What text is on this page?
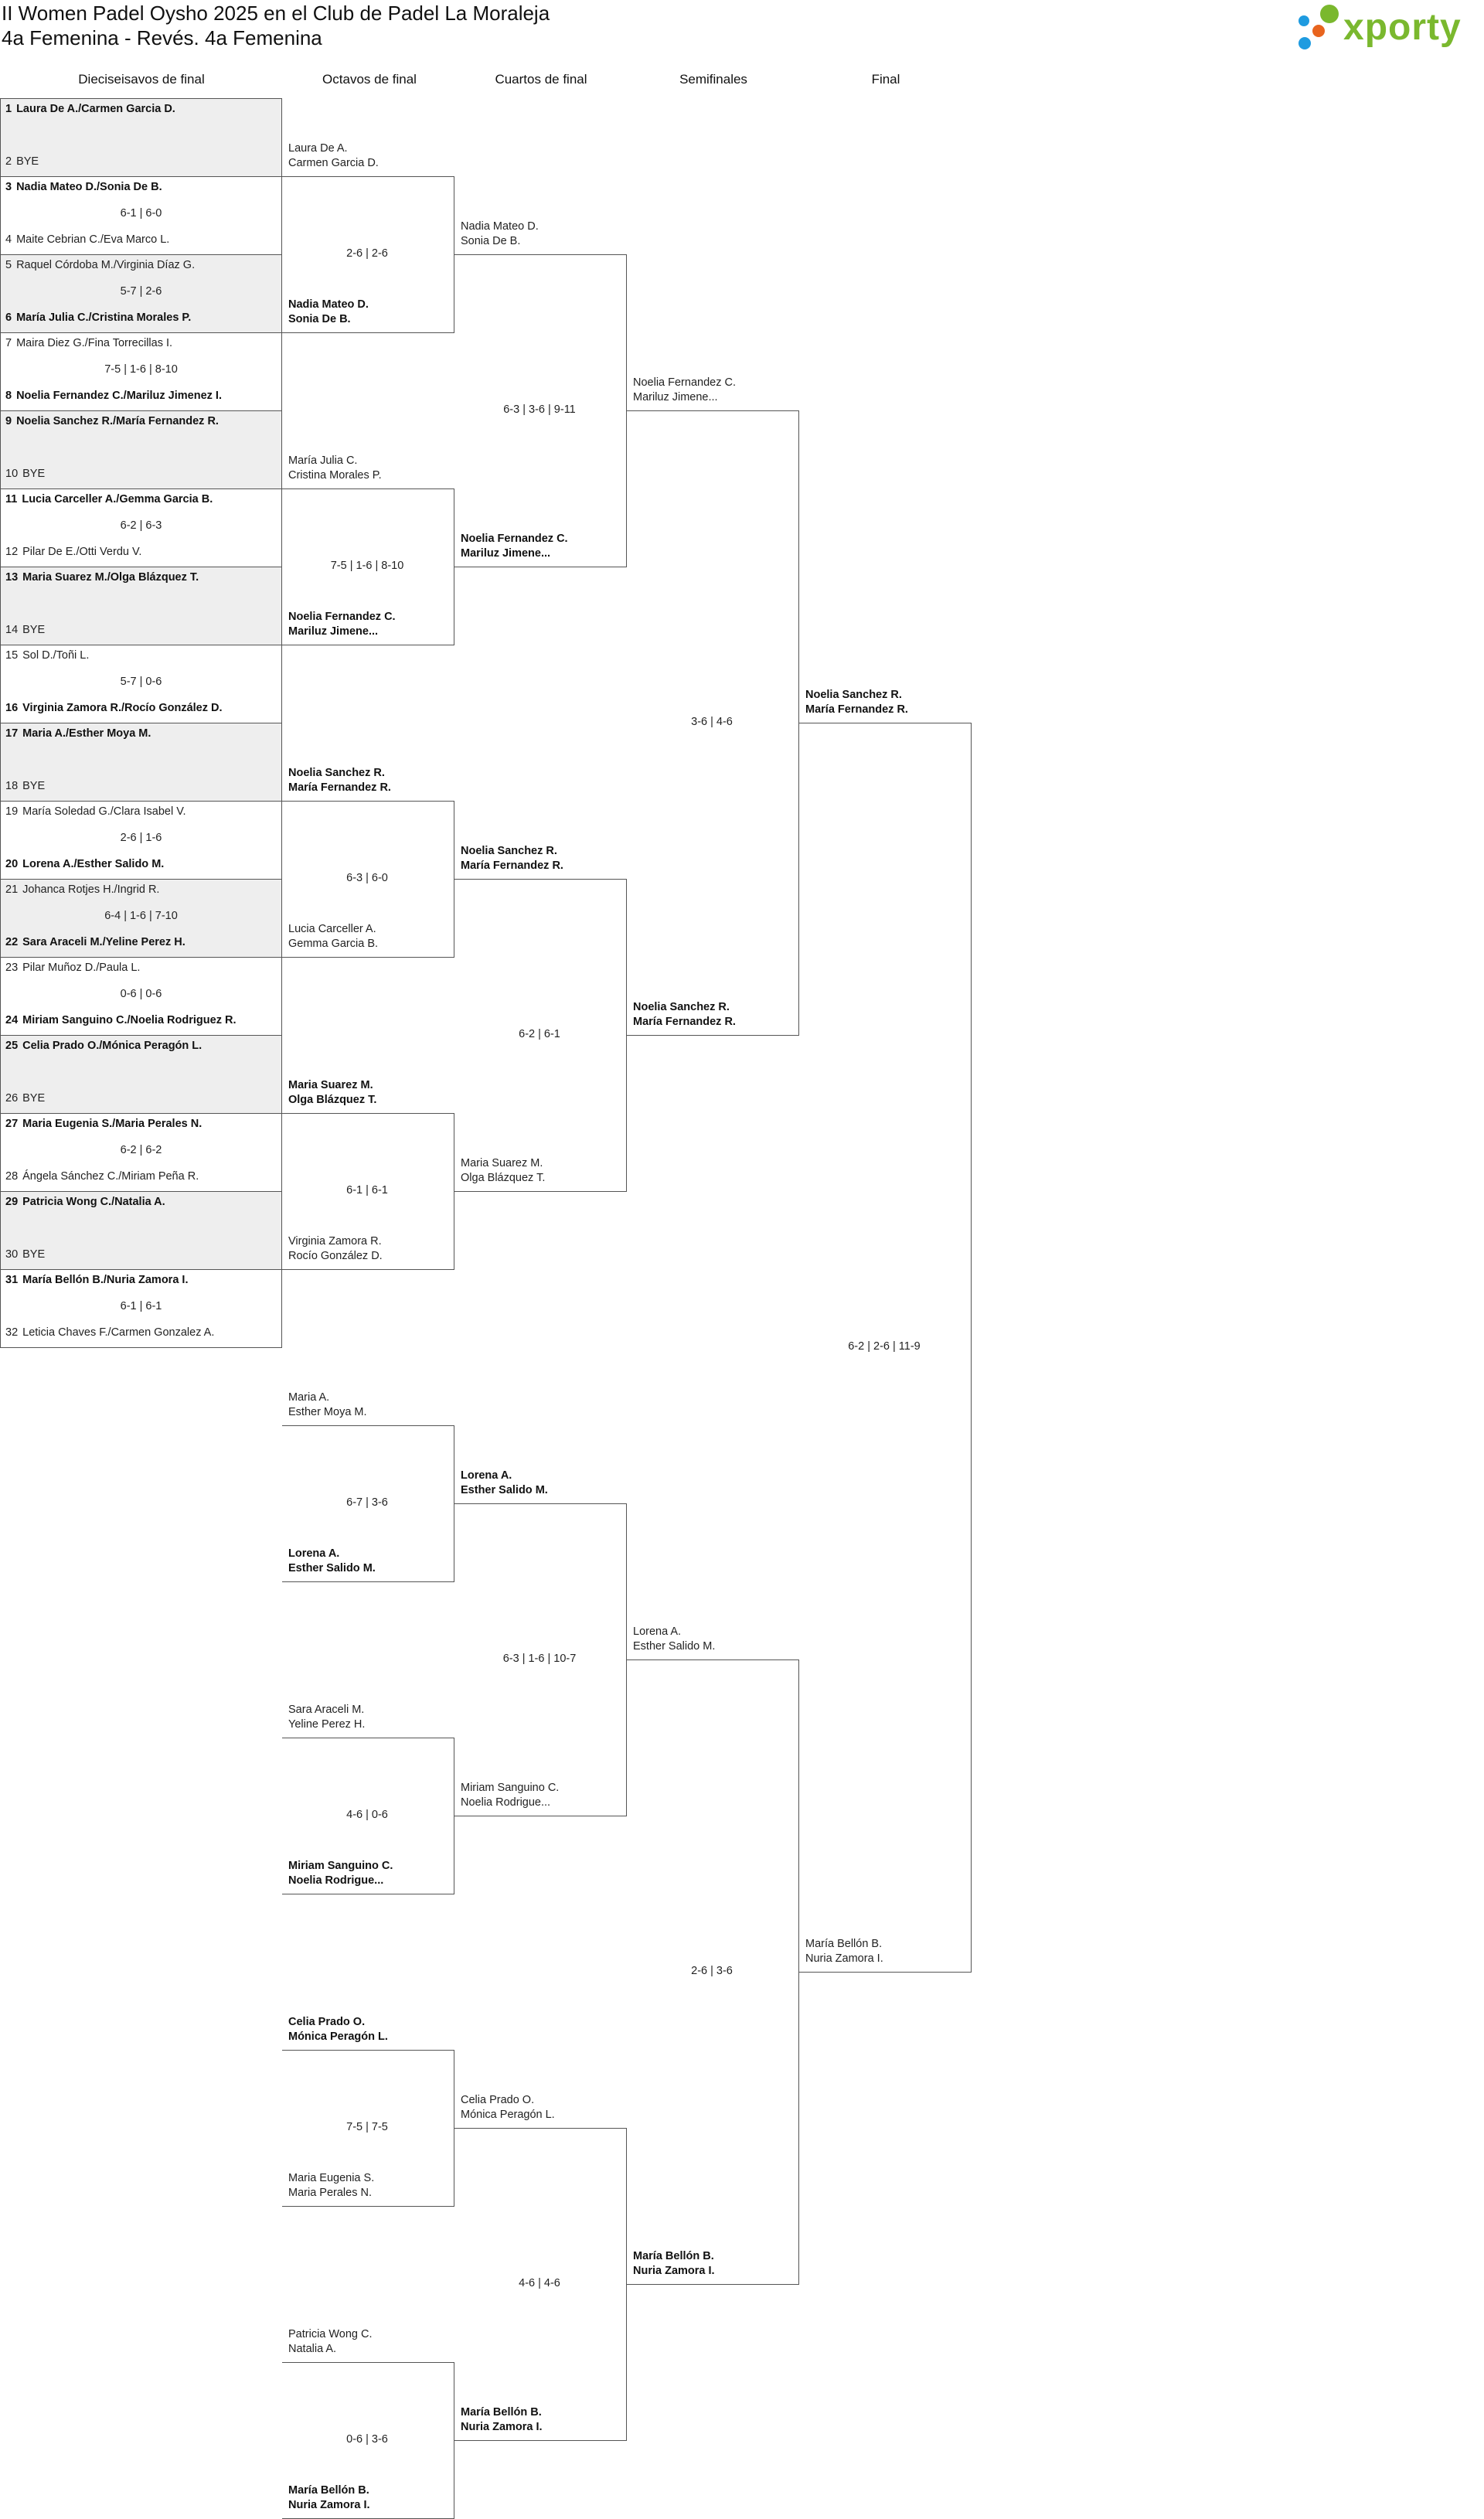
II Women Padel Oysho 2025 en el Club de Padel La Moraleja
4a Femenina - Revés. 4a Femenina	xporty
Dieciseisavos de final	Octavos de final	Cuartos de final	Semifinales	Final
1 Laura De A./Carmen Garcia D.
2 BYE
3 Nadia Mateo D./Sonia De B.
4 Maite Cebrian C./Eva Marco L.
6-1 | 6-0
5 Raquel Córdoba M./Virginia Díaz G.
6 María Julia C./Cristina Morales P.
5-7 | 2-6
7 Maira Diez G./Fina Torrecillas I.
8 Noelia Fernandez C./Mariluz Jimenez I.
7-5 | 1-6 | 8-10
9 Noelia Sanchez R./María Fernandez R.
10 BYE
11 Lucia Carceller A./Gemma Garcia B.
12 Pilar De E./Otti Verdu V.
6-2 | 6-3
13 Maria Suarez M./Olga Blázquez T.
14 BYE
15 Sol D./Toñi L.
16 Virginia Zamora R./Rocío González D.
5-7 | 0-6
17 Maria A./Esther Moya M.
18 BYE
19 María Soledad G./Clara Isabel V.
20 Lorena A./Esther Salido M.
2-6 | 1-6
21 Johanca Rotjes H./Ingrid R.
22 Sara Araceli M./Yeline Perez H.
6-4 | 1-6 | 7-10
23 Pilar Muñoz D./Paula L.
24 Miriam Sanguino C./Noelia Rodriguez R.
0-6 | 0-6
25 Celia Prado O./Mónica Peragón L.
26 BYE
27 Maria Eugenia S./Maria Perales N.
28 Ángela Sánchez C./Miriam Peña R.
6-2 | 6-2
29 Patricia Wong C./Natalia A.
30 BYE
31 María Bellón B./Nuria Zamora I.
32 Leticia Chaves F./Carmen Gonzalez A.
6-1 | 6-1
Laura De A.
Carmen Garcia D.
Nadia Mateo D.
Sonia De B.
2-6 | 2-6
María Julia C.
Cristina Morales P.
Noelia Fernandez C.
Mariluz Jimene...
7-5 | 1-6 | 8-10
Noelia Sanchez R.
María Fernandez R.
Lucia Carceller A.
Gemma Garcia B.
6-3 | 6-0
Maria Suarez M.
Olga Blázquez T.
Virginia Zamora R.
Rocío González D.
6-1 | 6-1
Maria A.
Esther Moya M.
Lorena A.
Esther Salido M.
6-7 | 3-6
Sara Araceli M.
Yeline Perez H.
Miriam Sanguino C.
Noelia Rodrigue...
4-6 | 0-6
Celia Prado O.
Mónica Peragón L.
Maria Eugenia S.
Maria Perales N.
7-5 | 7-5
Patricia Wong C.
Natalia A.
María Bellón B.
Nuria Zamora I.
0-6 | 3-6
Nadia Mateo D.
Sonia De B.
Noelia Fernandez C.
Mariluz Jimene...
6-3 | 3-6 | 9-11
Noelia Sanchez R.
María Fernandez R.
Maria Suarez M.
Olga Blázquez T.
6-2 | 6-1
Lorena A.
Esther Salido M.
Miriam Sanguino C.
Noelia Rodrigue...
6-3 | 1-6 | 10-7
Celia Prado O.
Mónica Peragón L.
María Bellón B.
Nuria Zamora I.
4-6 | 4-6
Noelia Fernandez C.
Mariluz Jimene...
Noelia Sanchez R.
María Fernandez R.
3-6 | 4-6
Lorena A.
Esther Salido M.
María Bellón B.
Nuria Zamora I.
2-6 | 3-6
Noelia Sanchez R.
María Fernandez R.
María Bellón B.
Nuria Zamora I.
6-2 | 2-6 | 11-9
